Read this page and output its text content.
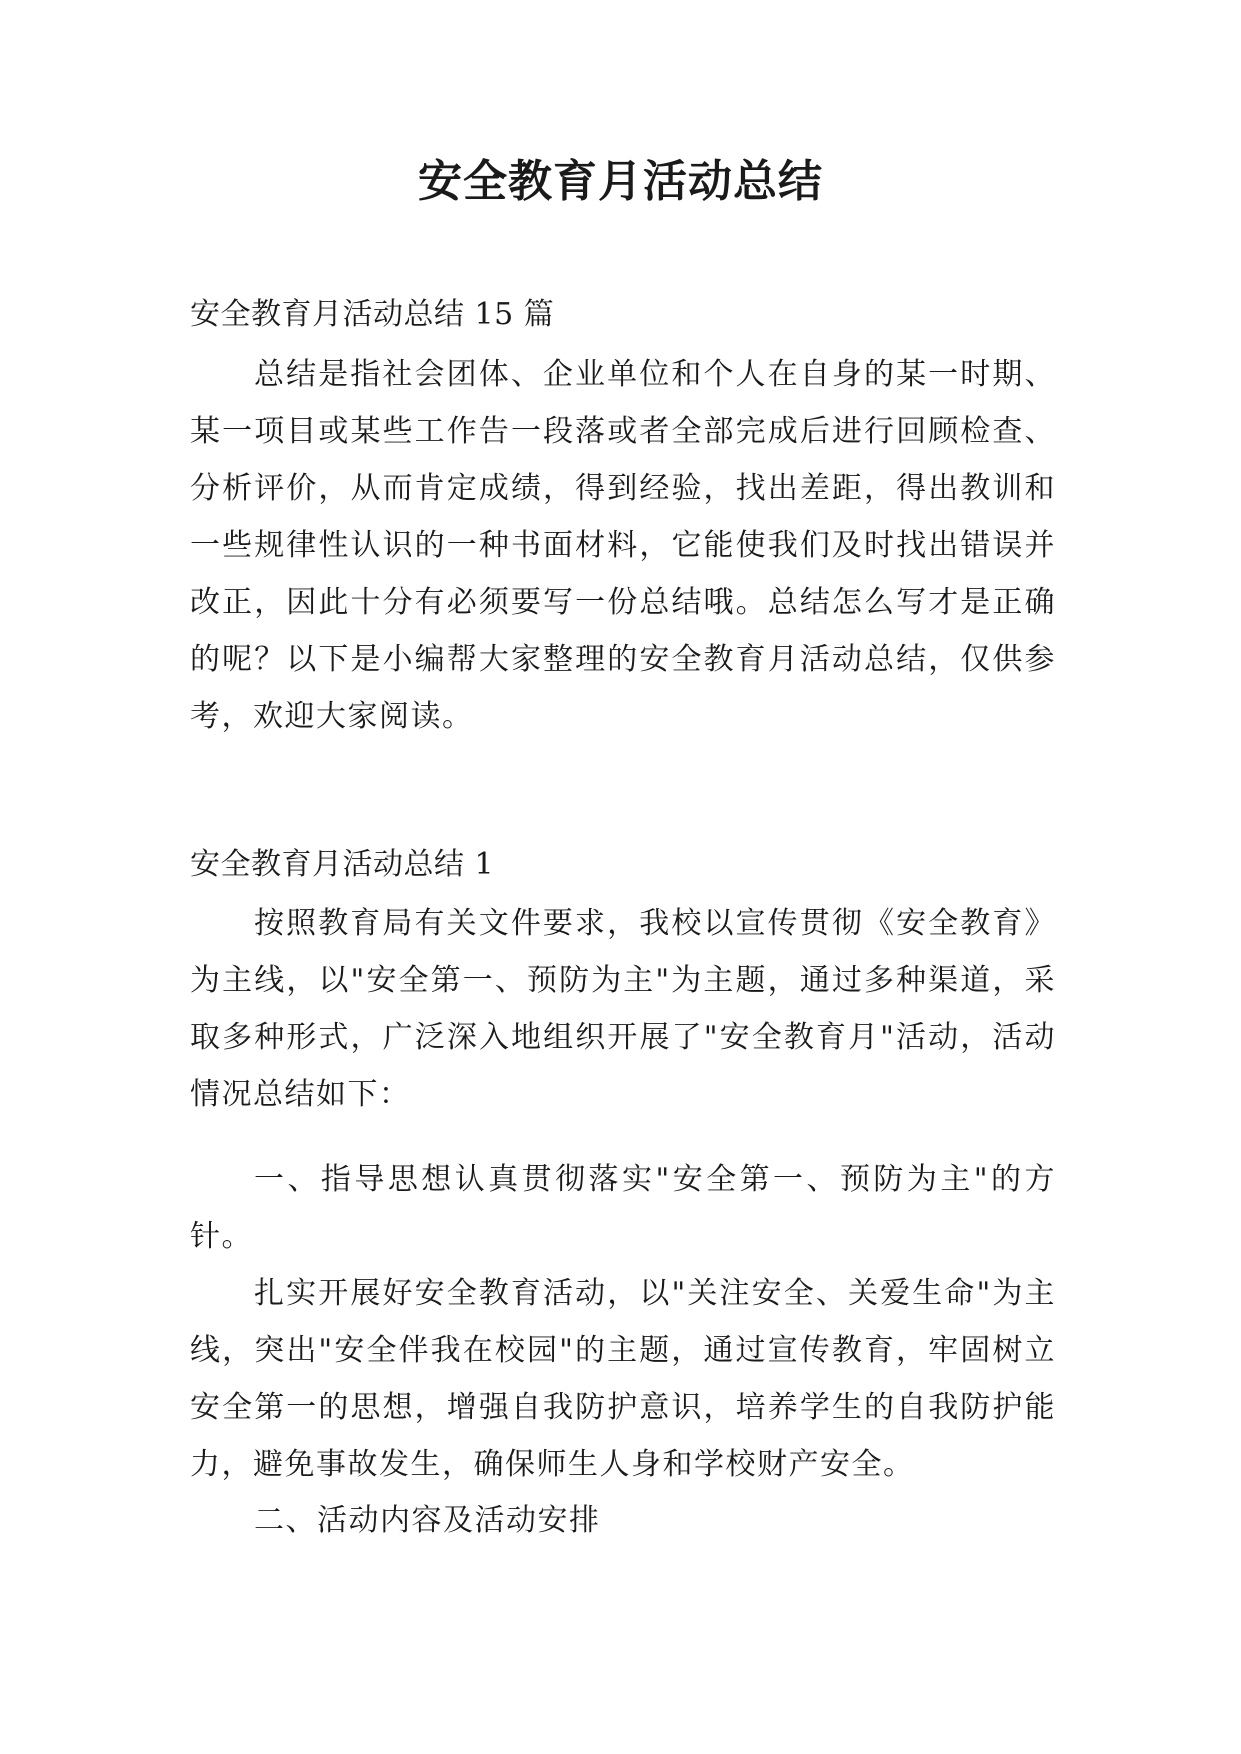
安全教育月活动总结

安全教育月活动总结 15 篇

总结是指社会团体、企业单位和个人在自身的某一时期、某一项目或某些工作告一段落或者全部完成后进行回顾检查、分析评价，从而肯定成绩，得到经验，找出差距，得出教训和一些规律性认识的一种书面材料，它能使我们及时找出错误并改正，因此十分有必须要写一份总结哦。总结怎么写才是正确的呢？以下是小编帮大家整理的安全教育月活动总结，仅供参考，欢迎大家阅读。

安全教育月活动总结 1

按照教育局有关文件要求，我校以宣传贯彻《安全教育》为主线，以"安全第一、预防为主"为主题，通过多种渠道，采取多种形式，广泛深入地组织开展了"安全教育月"活动，活动情况总结如下：

一、指导思想认真贯彻落实"安全第一、预防为主"的方针。

扎实开展好安全教育活动，以"关注安全、关爱生命"为主线，突出"安全伴我在校园"的主题，通过宣传教育，牢固树立安全第一的思想，增强自我防护意识，培养学生的自我防护能力，避免事故发生，确保师生人身和学校财产安全。

二、活动内容及活动安排
